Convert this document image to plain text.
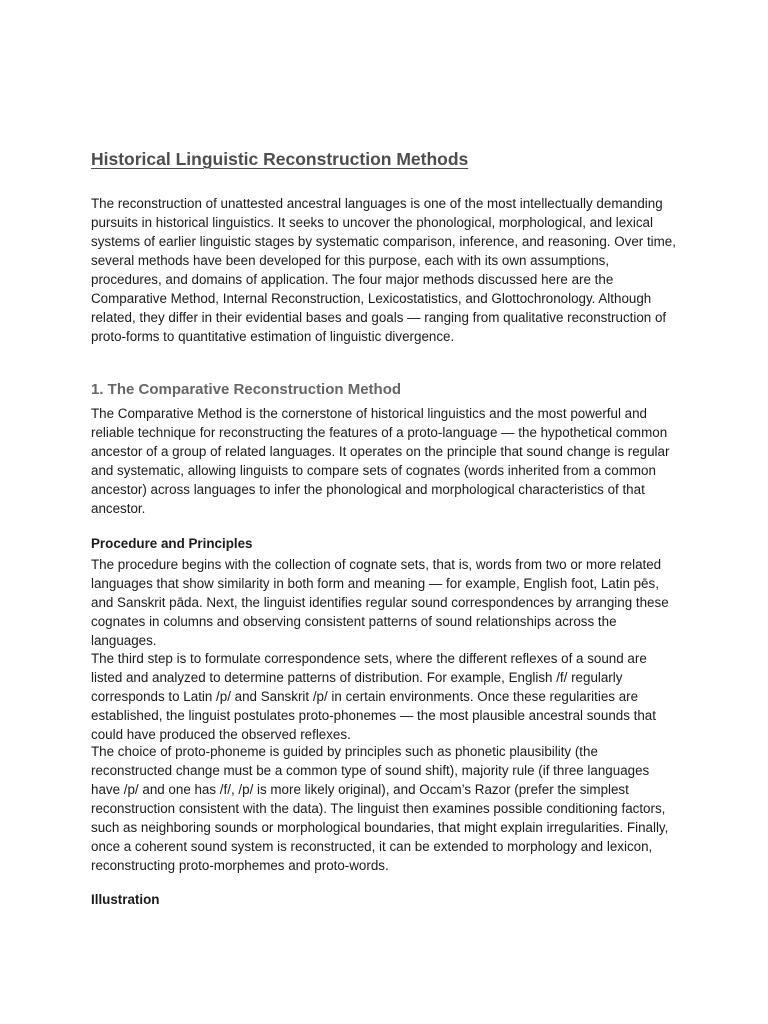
Historical Linguistic Reconstruction Methods

The reconstruction of unattested ancestral languages is one of the most intellectually demanding pursuits in historical linguistics. It seeks to uncover the phonological, morphological, and lexical systems of earlier linguistic stages by systematic comparison, inference, and reasoning. Over time, several methods have been developed for this purpose, each with its own assumptions, procedures, and domains of application. The four major methods discussed here are the Comparative Method, Internal Reconstruction, Lexicostatistics, and Glottochronology. Although related, they differ in their evidential bases and goals — ranging from qualitative reconstruction of proto-forms to quantitative estimation of linguistic divergence.

1. The Comparative Reconstruction Method

The Comparative Method is the cornerstone of historical linguistics and the most powerful and reliable technique for reconstructing the features of a proto-language — the hypothetical common ancestor of a group of related languages. It operates on the principle that sound change is regular and systematic, allowing linguists to compare sets of cognates (words inherited from a common ancestor) across languages to infer the phonological and morphological characteristics of that ancestor.

Procedure and Principles

The procedure begins with the collection of cognate sets, that is, words from two or more related languages that show similarity in both form and meaning — for example, English foot, Latin pēs, and Sanskrit pāda. Next, the linguist identifies regular sound correspondences by arranging these cognates in columns and observing consistent patterns of sound relationships across the languages.

The third step is to formulate correspondence sets, where the different reflexes of a sound are listed and analyzed to determine patterns of distribution. For example, English /f/ regularly corresponds to Latin /p/ and Sanskrit /p/ in certain environments. Once these regularities are established, the linguist postulates proto-phonemes — the most plausible ancestral sounds that could have produced the observed reflexes.

The choice of proto-phoneme is guided by principles such as phonetic plausibility (the reconstructed change must be a common type of sound shift), majority rule (if three languages have /p/ and one has /f/, /p/ is more likely original), and Occam’s Razor (prefer the simplest reconstruction consistent with the data). The linguist then examines possible conditioning factors, such as neighboring sounds or morphological boundaries, that might explain irregularities. Finally, once a coherent sound system is reconstructed, it can be extended to morphology and lexicon, reconstructing proto-morphemes and proto-words.

Illustration
